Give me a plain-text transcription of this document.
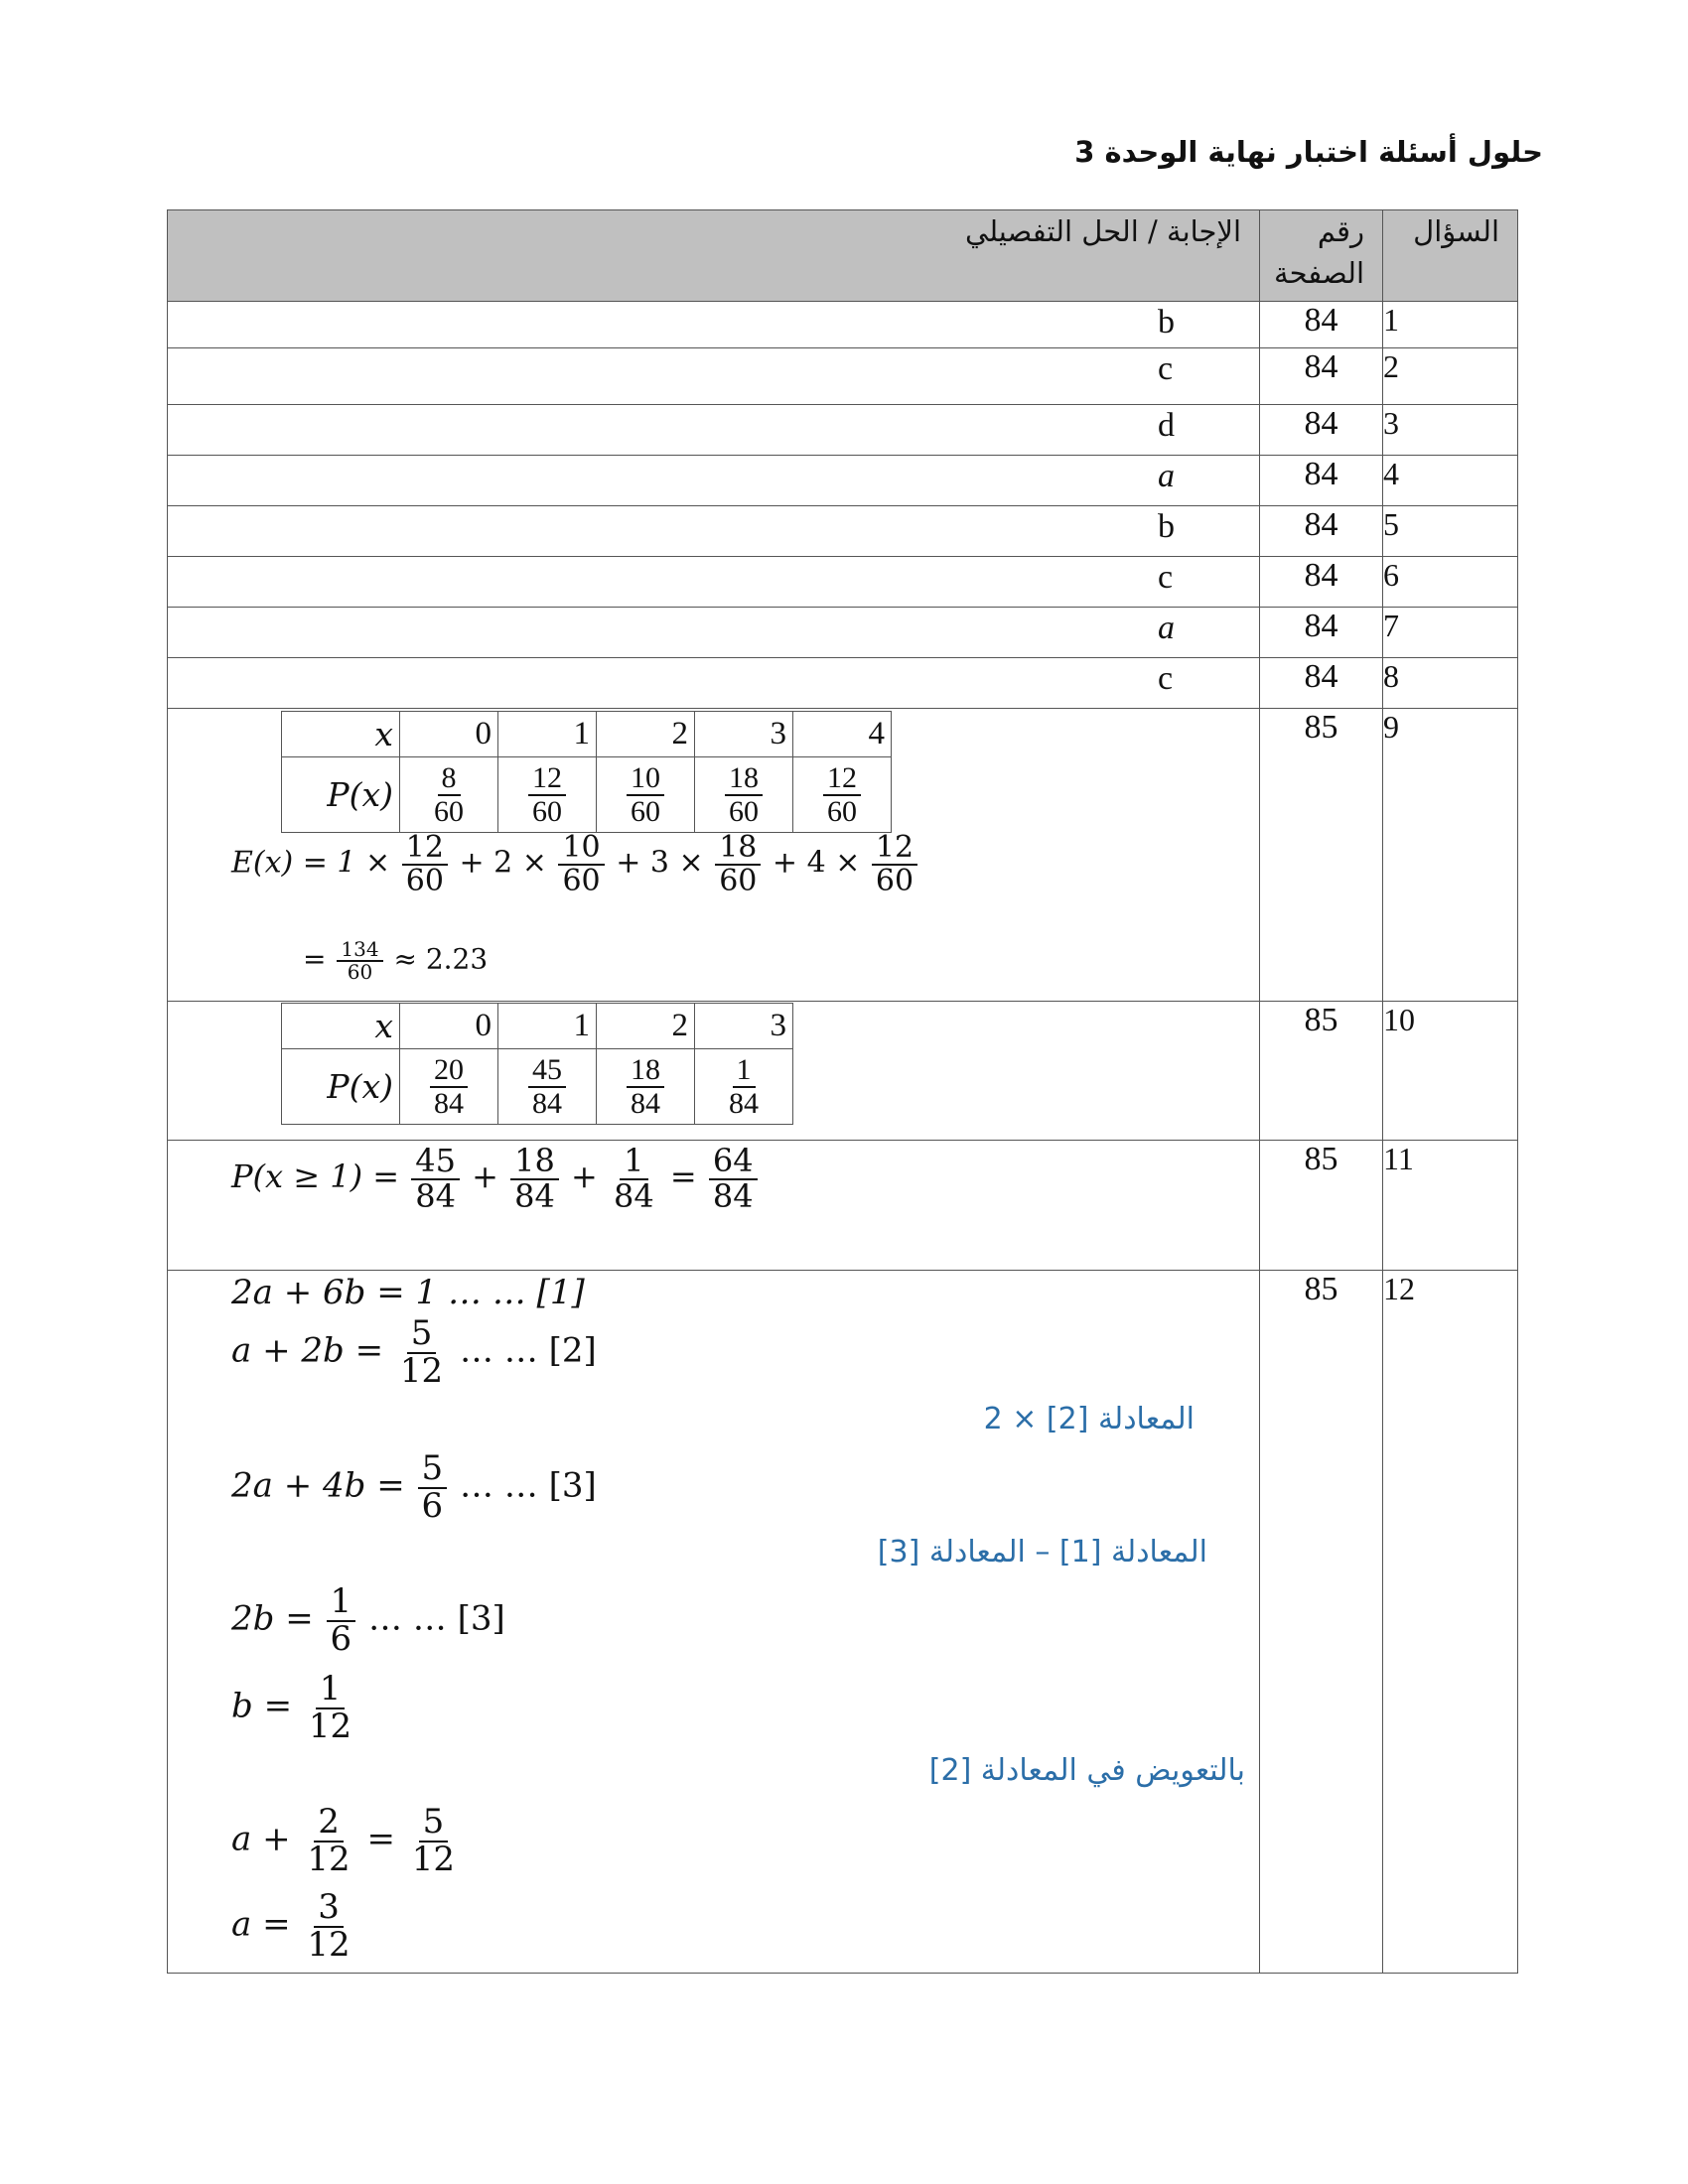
حلول أسئلة اختبار نهاية الوحدة 3
السؤال

رقم الصفحة

الإجابة / الحل التفصيلي

1	84	
b

2	84	
c

3	84	
d

4	84	
a

5	84	
b

6	84	
c

7	84	
a

8	84	
c

9	85	
x	0	1	2	3	4
P(x)	$\frac{8}{60}$	$\frac{12}{60}$	$\frac{10}{60}$	$\frac{18}{60}$	$\frac{12}{60}$
$E(x) = 1 \times \frac{12}{60} + 2 \times \frac{10}{60} + 3 \times \frac{18}{60} + 4 \times \frac{12}{60}$
= $\frac{134}{60} \approx 2.23$

10	85	
x	0	1	2	3
P(x)	$\frac{20}{84}$	$\frac{45}{84}$	$\frac{18}{84}$	$\frac{1}{84}$

11	85	
$P(x \ge 1) = \frac{45}{84} + \frac{18}{84} + \frac{1}{84} = \frac{64}{84}$

12	85	
2a + 6b = 1 … … [1]
$a + 2b = \frac{5}{12}$ … … [2]
المعادلة [2] × 2
$2a + 4b = \frac{5}{6}$ … … [3]
المعادلة [1] – المعادلة [3]
$2b = \frac{1}{6}$ … … [3]
$b = \frac{1}{12}$
بالتعويض في المعادلة [2]
$a + \frac{2}{12} = \frac{5}{12}$
$a = \frac{3}{12}$
